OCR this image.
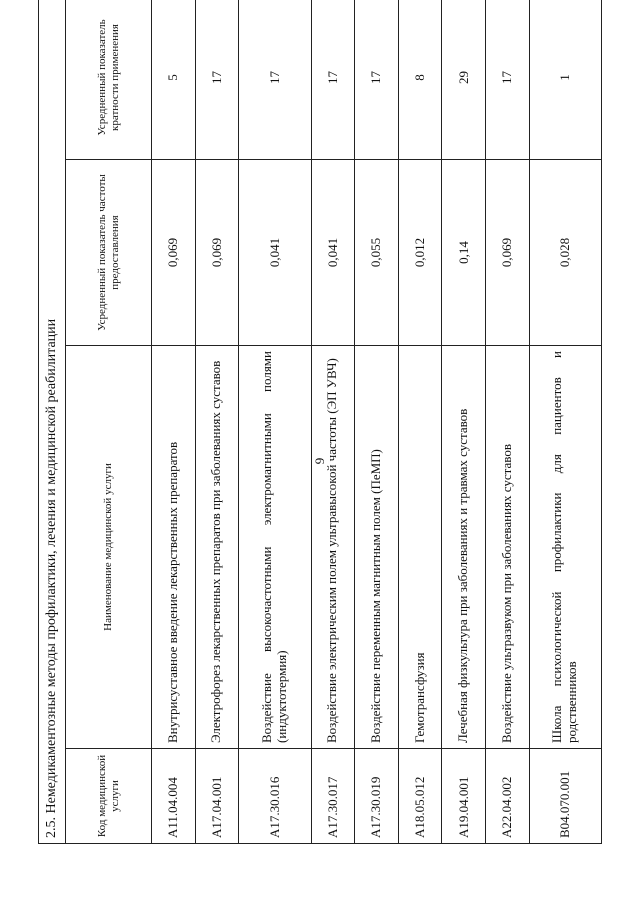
9
2.5. Немедикаментозные методы профилактики, лечения и медицинской реабилитации			
Код медицинской услуги	Наименование медицинской услуги	Усредненный показатель частоты предоставления	Усредненный показатель кратности применения
A11.04.004	Внутрисуставное введение лекарственных препаратов	0,069	5
A17.04.001	Электрофорез лекарственных препаратов при заболеваниях суставов	0,069	17
A17.30.016	Воздействие высокочастотными электромагнитными полями (индуктотермия)	0,041	17
A17.30.017	Воздействие электрическим полем ультравысокой частоты (ЭП УВЧ)	0,041	17
A17.30.019	Воздействие переменным магнитным полем (ПеМП)	0,055	17
A18.05.012	Гемотрансфузия	0,012	8
A19.04.001	Лечебная физкультура при заболеваниях и травмах суставов	0,14	29
A22.04.002	Воздействие ультразвуком при заболеваниях суставов	0,069	17
B04.070.001	Школа психологической профилактики для пациентов и родственников	0,028	1
